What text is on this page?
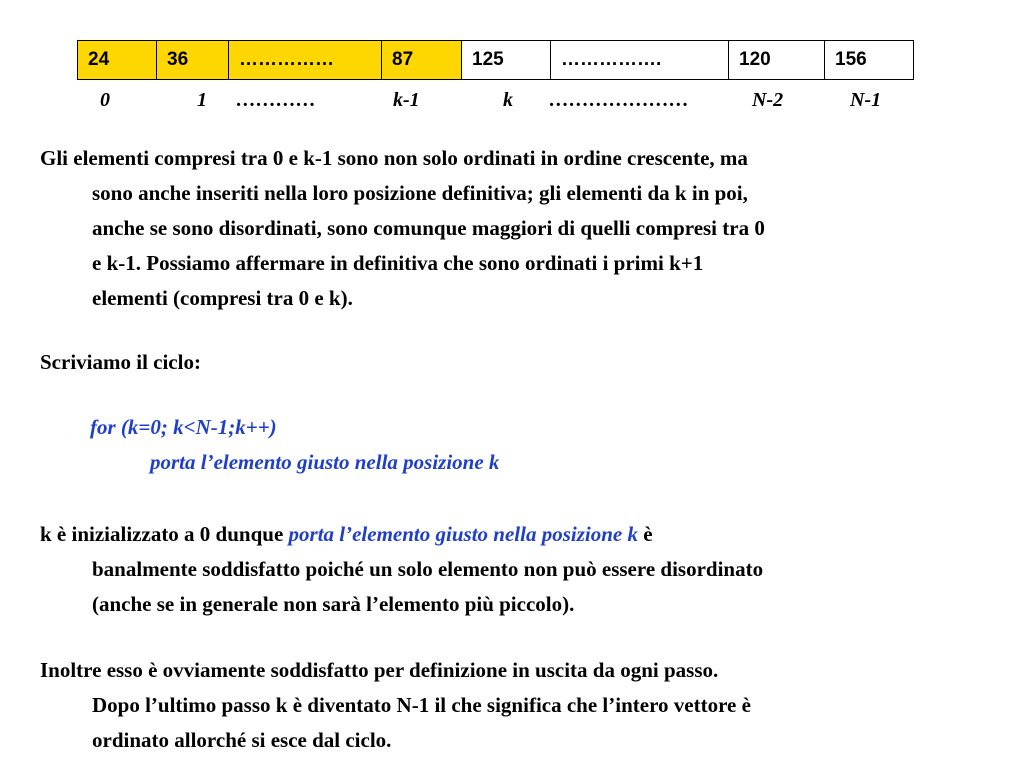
24	36	……………	87	125	…………….	120	156
0	1 …………	k-1	k …………………	N-2	N-1
Gli elementi compresi tra 0 e k-1 sono non solo ordinati in ordine crescente, ma
sono anche inseriti nella loro posizione definitiva; gli elementi da k in poi,
anche se sono disordinati, sono comunque maggiori di quelli compresi tra 0
e k-1. Possiamo affermare in definitiva che sono ordinati i primi k+1
elementi (compresi tra 0 e k).
Scriviamo il ciclo:
for (k=0; k<N-1;k++)
porta l’elemento giusto nella posizione k
k è inizializzato a 0 dunque porta l’elemento giusto nella posizione k è
banalmente soddisfatto poiché un solo elemento non può essere disordinato
(anche se in generale non sarà l’elemento più piccolo).
Inoltre esso è ovviamente soddisfatto per definizione in uscita da ogni passo.
Dopo l’ultimo passo k è diventato N-1 il che significa che l’intero vettore è
ordinato allorché si esce dal ciclo.
